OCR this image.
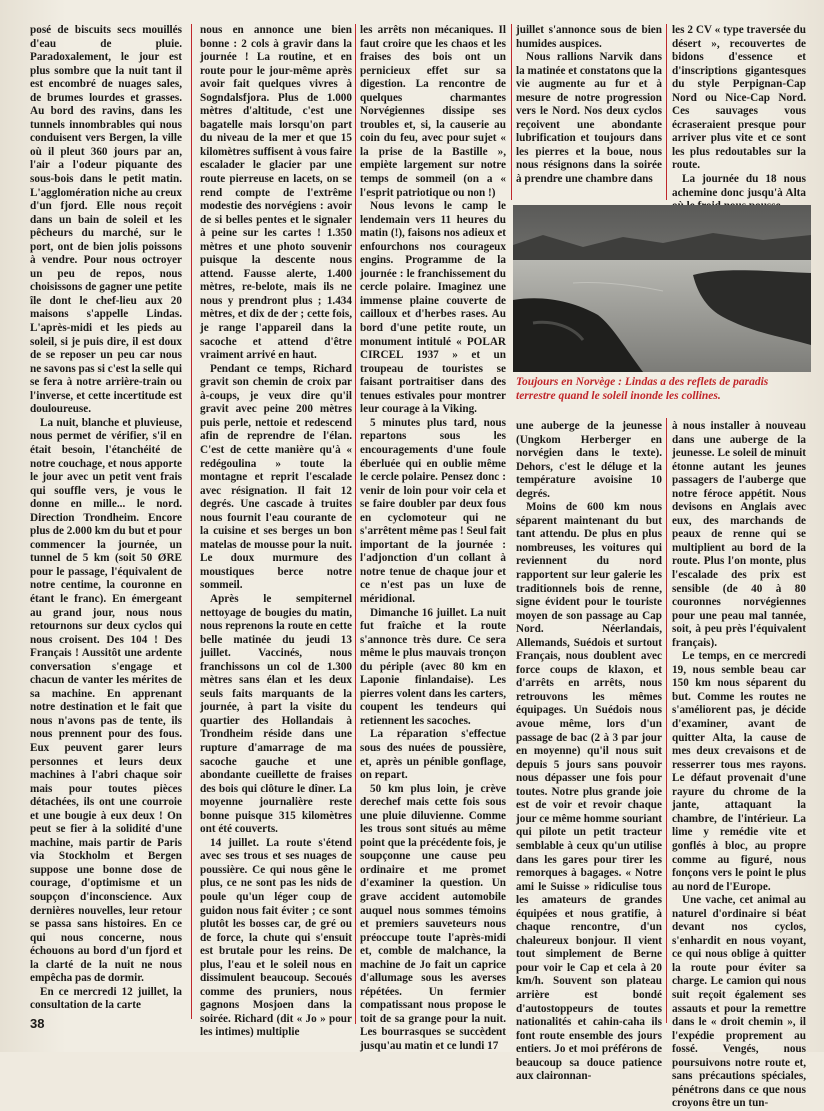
posé de biscuits secs mouillés d'eau de pluie. Paradoxalement, le jour est plus sombre que la nuit tant il est encombré de nuages sales, de brumes lourdes et grasses. Au bord des ravins, dans les tunnels innombrables qui nous conduisent vers Bergen, la ville où il pleut 360 jours par an, l'air a l'odeur piquante des sous-bois dans le petit matin. L'agglomération niche au creux d'un fjord. Elle nous reçoit dans un bain de soleil et les pêcheurs du marché, sur le port, ont de bien jolis poissons à vendre. Pour nous octroyer un peu de repos, nous choisissons de gagner une petite île dont le chef-lieu aux 20 maisons s'appelle Lindas. L'après-midi et les pieds au soleil, si je puis dire, il est doux de se reposer un peu car nous ne savons pas si c'est la selle qui se fera à notre arrière-train ou l'inverse, et cette incertitude est douloureuse.

La nuit, blanche et pluvieuse, nous permet de vérifier, s'il en était besoin, l'étanchéité de notre couchage, et nous apporte le jour avec un petit vent frais qui souffle vers, je vous le donne en mille... le nord. Direction Trondheim. Encore plus de 2.000 km du but et pour commencer la journée, un tunnel de 5 km (soit 50 ØRE pour le passage, l'équivalent de notre centime, la couronne en étant le franc). En émergeant au grand jour, nous nous retournons sur deux cyclos qui nous croisent. Des 104 ! Des Français ! Aussitôt une ardente conversation s'engage et chacun de vanter les mérites de sa machine. En apprenant notre destination et le fait que nous n'avons pas de tente, ils nous prennent pour des fous. Eux peuvent garer leurs personnes et leurs deux machines à l'abri chaque soir mais pour toutes pièces détachées, ils ont une courroie et une bougie à eux deux ! On peut se fier à la solidité d'une machine, mais partir de Paris via Stockholm et Bergen suppose une bonne dose de courage, d'optimisme et un soupçon d'inconscience. Aux dernières nouvelles, leur retour se passa sans histoires. En ce qui nous concerne, nous échouons au bord d'un fjord et la clarté de la nuit ne nous empêcha pas de dormir.

En ce mercredi 12 juillet, la consultation de la carte

nous en annonce une bien bonne : 2 cols à gravir dans la journée ! La routine, et en route pour le jour-même après avoir fait quelques vivres à Sogndalsfjora. Plus de 1.000 mètres d'altitude, c'est une bagatelle mais lorsqu'on part du niveau de la mer et que 15 kilomètres suffisent à vous faire escalader le glacier par une route pierreuse en lacets, on se rend compte de l'extrême modestie des norvégiens : avoir de si belles pentes et le signaler à peine sur les cartes ! 1.350 mètres et une photo souvenir puisque la descente nous attend. Fausse alerte, 1.400 mètres, re-belote, mais ils ne nous y prendront plus ; 1.434 mètres, et dix de der ; cette fois, je range l'appareil dans la sacoche et attend d'être vraiment arrivé en haut.

Pendant ce temps, Richard gravit son chemin de croix par à-coups, je veux dire qu'il gravit avec peine 200 mètres puis perle, nettoie et redescend afin de reprendre de l'élan. C'est de cette manière qu'à « redégoulina » toute la montagne et reprit l'escalade avec résignation. Il fait 12 degrés. Une cascade à truites nous fournit l'eau courante de la cuisine et ses berges un bon matelas de mousse pour la nuit. Le doux murmure des moustiques berce notre sommeil.

Après le sempiternel nettoyage de bougies du matin, nous reprenons la route en cette belle matinée du jeudi 13 juillet. Vaccinés, nous franchissons un col de 1.300 mètres sans élan et les deux seuls faits marquants de la journée, à part la visite du quartier des Hollandais à Trondheim réside dans une rupture d'amarrage de ma sacoche gauche et une abondante cueillette de fraises des bois qui clôture le dîner. La moyenne journalière reste bonne puisque 315 kilomètres ont été couverts.

14 juillet. La route s'étend avec ses trous et ses nuages de poussière. Ce qui nous gêne le plus, ce ne sont pas les nids de poule qu'un léger coup de guidon nous fait éviter ; ce sont plutôt les bosses car, de gré ou de force, la chute qui s'ensuit est brutale pour les reins. De plus, l'eau et le soleil nous en dissimulent beaucoup. Secoués comme des pruniers, nous gagnons Mosjoen dans la soirée. Richard (dit « Jo » pour les intimes) multiplie

les arrêts non mécaniques. Il faut croire que les chaos et les fraises des bois ont un pernicieux effet sur sa digestion. La rencontre de quelques charmantes Norvégiennes dissipe ses troubles et, si, la causerie au coin du feu, avec pour sujet « la prise de la Bastille », empiète largement sur notre temps de sommeil (on a « l'esprit patriotique ou non !)

Nous levons le camp le lendemain vers 11 heures du matin (!), faisons nos adieux et enfourchons nos courageux engins. Programme de la journée : le franchissement du cercle polaire. Imaginez une immense plaine couverte de cailloux et d'herbes rases. Au bord d'une petite route, un monument intitulé « POLAR CIRCEL 1937 » et un troupeau de touristes se faisant portraitiser dans des tenues estivales pour montrer leur courage à la Viking.

5 minutes plus tard, nous repartons sous les encouragements d'une foule éberluée qui en oublie même le cercle polaire. Pensez donc : venir de loin pour voir cela et se faire doubler par deux fous en cyclomoteur qui ne s'arrêtent même pas ! Seul fait important de la journée : l'adjonction d'un collant à notre tenue de chaque jour et ce n'est pas un luxe de méridional.

Dimanche 16 juillet. La nuit fut fraîche et la route s'annonce très dure. Ce sera même le plus mauvais tronçon du périple (avec 80 km en Laponie finlandaise). Les pierres volent dans les carters, coupent les tendeurs qui retiennent les sacoches.

La réparation s'effectue sous des nuées de poussière, et, après un pénible gonflage, on repart.

50 km plus loin, je crève derechef mais cette fois sous une pluie diluvienne. Comme les trous sont situés au même point que la précédente fois, je soupçonne une cause peu ordinaire et me promet d'examiner la question. Un grave accident automobile auquel nous sommes témoins et premiers sauveteurs nous préoccupe toute l'après-midi et, comble de malchance, la machine de Jo fait un caprice d'allumage sous les averses répétées. Un fermier compatissant nous propose le toit de sa grange pour la nuit. Les bourrasques se succèdent jusqu'au matin et ce lundi 17

juillet s'annonce sous de bien humides auspices.

Nous rallions Narvik dans la matinée et constatons que la vie augmente au fur et à mesure de notre progression vers le Nord. Nos deux cyclos reçoivent une abondante lubrification et toujours dans les pierres et la boue, nous nous résignons dans la soirée à prendre une chambre dans

les 2 CV « type traversée du désert », recouvertes de bidons d'essence et d'inscriptions gigantesques du style Perpignan-Cap Nord ou Nice-Cap Nord. Ces sauvages vous écraseraient presque pour arriver plus vite et ce sont les plus redoutables sur la route.

La journée du 18 nous achemine donc jusqu'à Alta

Toujours en Norvège : Lindas a des reflets de paradis terrestre quand le soleil inonde les collines.

une auberge de la jeunesse (Ungkom Herberger en norvégien dans le texte). Dehors, c'est le déluge et la température avoisine 10 degrés.

Moins de 600 km nous séparent maintenant du but tant attendu. De plus en plus nombreuses, les voitures qui reviennent du nord rapportent sur leur galerie les traditionnels bois de renne, signe évident pour le touriste moyen de son passage au Cap Nord. Néerlandais, Allemands, Suédois et surtout Français, nous doublent avec force coups de klaxon, et d'arrêts en arrêts, nous retrouvons les mêmes équipages. Un Suédois nous avoue même, lors d'un passage de bac (2 à 3 par jour en moyenne) qu'il nous suit depuis 5 jours sans pouvoir nous dépasser une fois pour toutes. Notre plus grande joie est de voir et revoir chaque jour ce même homme souriant qui pilote un petit tracteur semblable à ceux qu'un utilise dans les gares pour tirer les remorques à bagages. « Notre ami le Suisse » ridiculise tous les amateurs de grandes équipées et nous gratifie, à chaque rencontre, d'un chaleureux bonjour. Il vient tout simplement de Berne pour voir le Cap et cela à 20 km/h. Souvent son plateau arrière est bondé d'autostoppeurs de toutes nationalités et cahin-caha ils font route ensemble des jours entiers. Jo et moi préférons de beaucoup sa douce patience aux claironnan-

à nous installer à nouveau dans une auberge de la jeunesse. Le soleil de minuit étonne autant les jeunes passagers de l'auberge que notre féroce appétit. Nous devisons en Anglais avec eux, des marchands de peaux de renne qui se multiplient au bord de la route. Plus l'on monte, plus l'escalade des prix est sensible (de 40 à 80 couronnes norvégiennes pour une peau mal tannée, soit, à peu près l'équivalent français).

Le temps, en ce mercredi 19, nous semble beau car 150 km nous séparent du but. Comme les routes ne s'améliorent pas, je décide d'examiner, avant de quitter Alta, la cause de mes deux crevaisons et de resserrer tous mes rayons. Le défaut provenait d'une rayure du chrome de la jante, attaquant la chambre, de l'intérieur. La lime y remédie vite et gonflés à bloc, au propre comme au figuré, nous fonçons vers le point le plus au nord de l'Europe.

Une vache, cet animal au naturel d'ordinaire si béat devant nos cyclos, s'enhardit en nous voyant, ce qui nous oblige à quitter la route pour éviter sa charge. Le camion qui nous suit reçoit également ses assauts et pour la remettre dans le « droit chemin », il l'expédie proprement au fossé. Vengés, nous poursuivons notre route et, sans précautions spéciales, pénétrons dans ce que nous croyons être un tun-

38
